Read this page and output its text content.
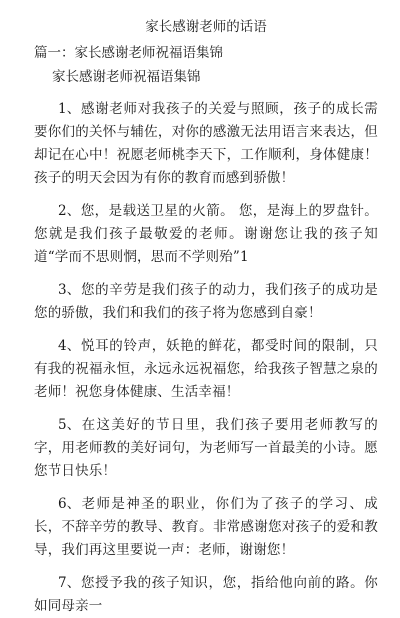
家长感谢老师的话语
篇一：家长感谢老师祝福语集锦
家长感谢老师祝福语集锦

1、感谢老师对我孩子的关爱与照顾，孩子的成长需要你们的关怀与辅佐，对你的感激无法用语言来表达，但却记在心中！祝愿老师桃李天下，工作顺利，身体健康！孩子的明天会因为有你的教育而感到骄傲！

2、您，是载送卫星的火箭。 您，是海上的罗盘针。您就是我们孩子最敬爱的老师。谢谢您让我的孩子知道“学而不思则惘，思而不学则殆”1

3、您的辛劳是我们孩子的动力，我们孩子的成功是您的骄傲，我们和我们的孩子将为您感到自豪！

4、悦耳的铃声，妖艳的鲜花，都受时间的限制，只有我的祝福永恒，永远永远祝福您，给我孩子智慧之泉的老师！祝您身体健康、生活幸福！

5、在这美好的节日里，我们孩子要用老师教写的字，用老师教的美好词句，为老师写一首最美的小诗。愿您节日快乐！

6、老师是神圣的职业，你们为了孩子的学习、成长，不辞辛劳的教导、教育。非常感谢您对孩子的爱和教导，我们再这里要说一声：老师，谢谢您！

7、您授予我的孩子知识，您，指给他向前的路。你如同母亲一
